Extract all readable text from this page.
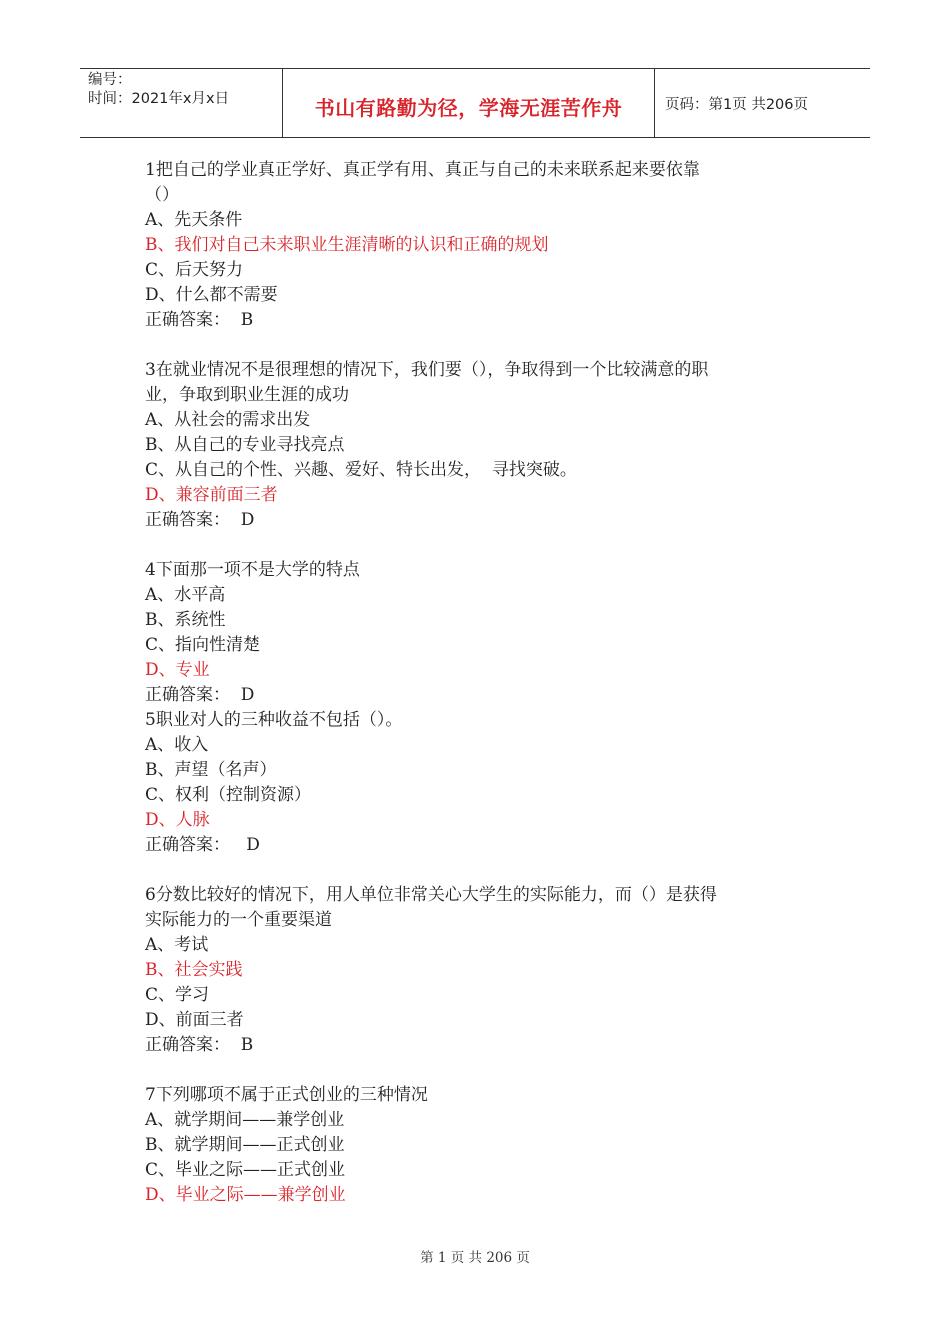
编号：
时间：2021年x月x日	书山有路勤为径，学海无涯苦作舟	页码：第1页 共206页
1把自己的学业真正学好、真正学有用、真正与自己的未来联系起来要依靠
（）
A、先天条件
B、我们对自己未来职业生涯清晰的认识和正确的规划
C、后天努力
D、什么都不需要
正确答案：  B
3在就业情况不是很理想的情况下，我们要（），争取得到一个比较满意的职
业，争取到职业生涯的成功
A、从社会的需求出发
B、从自己的专业寻找亮点
C、从自己的个性、兴趣、爱好、特长出发，  寻找突破。
D、兼容前面三者
正确答案：  D
4下面那一项不是大学的特点
A、水平高
B、系统性
C、指向性清楚
D、专业
正确答案：  D
5职业对人的三种收益不包括（）。
A、收入
B、声望（名声）
C、权利（控制资源）
D、人脉
正确答案：   D
6分数比较好的情况下，用人单位非常关心大学生的实际能力，而（）是获得
实际能力的一个重要渠道
A、考试
B、社会实践
C、学习
D、前面三者
正确答案：  B
7下列哪项不属于正式创业的三种情况
A、就学期间——兼学创业
B、就学期间——正式创业
C、毕业之际——正式创业
D、毕业之际——兼学创业
第 1 页 共 206 页
